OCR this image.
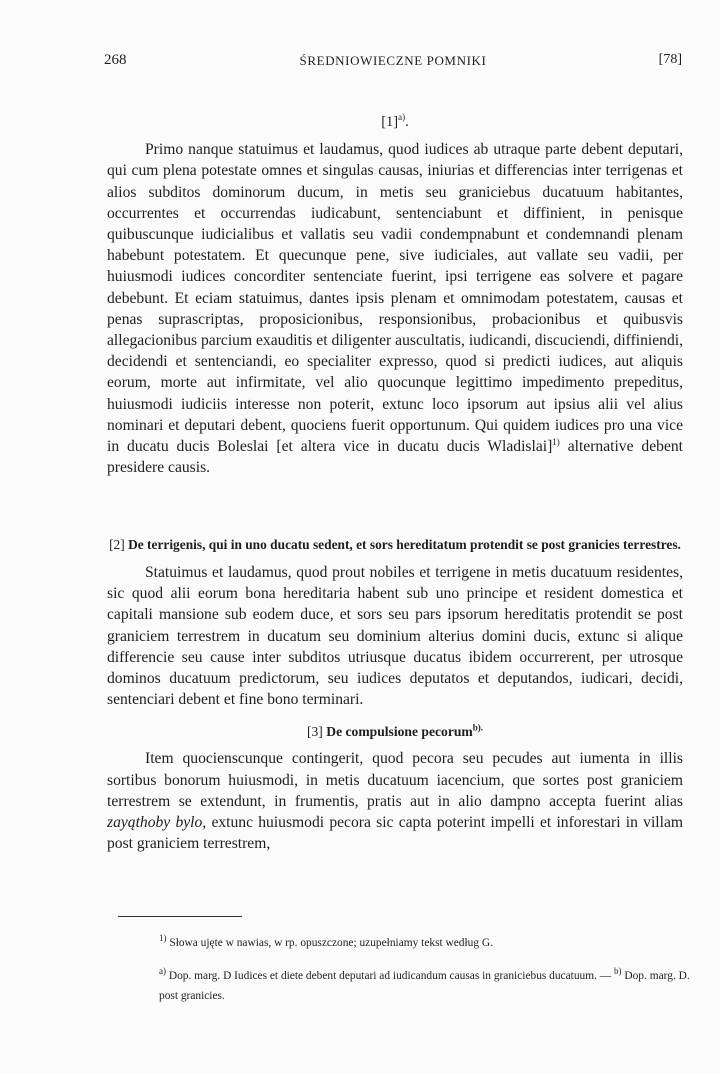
268	ŚREDNIOWIECZNE POMNIKI	[78]

$[1]^{a)}$.

Primo nanque statuimus et laudamus, quod iudices ab utraque parte debent deputari, qui cum plena potestate omnes et singulas causas, iniurias et differencias inter terrigenas et alios subditos dominorum ducum, in metis seu graniciebus ducatuum habitantes, occurrentes et occurrendas iudicabunt, sentenciabunt et diffinient, in penisque quibuscunque iudicialibus et vallatis seu vadii condempnabunt et condemnandi plenam habebunt potestatem. Et quecunque pene, sive iudiciales, aut vallate seu vadii, per huiusmodi iudices concorditer sentenciate fuerint, ipsi terrigene eas solvere et pagare debebunt. Et eciam statuimus, dantes ipsis plenam et omnimodam potestatem, causas et penas suprascriptas, proposicionibus, responsionibus, probacionibus et quibusvis allegacionibus parcium exauditis et diligenter auscultatis, iudicandi, discuciendi, diffiniendi, decidendi et sentenciandi, eo specialiter expresso, quod si predicti iudices, aut aliquis eorum, morte aut infirmitate, vel alio quocunque legittimo impedimento prepeditus, huiusmodi iudiciis interesse non poterit, extunc loco ipsorum aut ipsius alii vel alius nominari et deputari debent, quociens fuerit opportunum. Qui quidem iudices pro una vice in ducatu ducis Boleslai [et altera vice in ducatu ducis Wladislai]$^{1)}$ alternative debent presidere causis.

[2] De terrigenis, qui in uno ducatu sedent, et sors hereditatum protendit se post granicies terrestres.

Statuimus et laudamus, quod prout nobiles et terrigene in metis ducatuum residentes, sic quod alii eorum bona hereditaria habent sub uno principe et resident domestica et capitali mansione sub eodem duce, et sors seu pars ipsorum hereditatis protendit se post graniciem terrestrem in ducatum seu dominium alterius domini ducis, extunc si alique differencie seu cause inter subditos utriusque ducatus ibidem occurrerent, per utrosque dominos ducatuum predictorum, seu iudices deputatos et deputandos, iudicari, decidi, sentenciari debent et fine bono terminari.

[3] De compulsione pecorum$^{b).}$

Item quocienscunque contingerit, quod pecora seu pecudes aut iumenta in illis sortibus bonorum huiusmodi, in metis ducatuum iacencium, que sortes post graniciem terrestrem se extendunt, in frumentis, pratis aut in alio dampno accepta fuerint alias zayąthoby bylo, extunc huiusmodi pecora sic capta poterint impelli et inforestari in villam post graniciem terrestrem,

$^{1)}$ Słowa ujęte w nawias, w rp. opuszczone; uzupełniamy tekst według G.

$^{a)}$ Dop. marg. D Iudices et diete debent deputari ad iudicandum causas in graniciebus ducatuum. — $^{b)}$ Dop. marg. D. post granicies.
